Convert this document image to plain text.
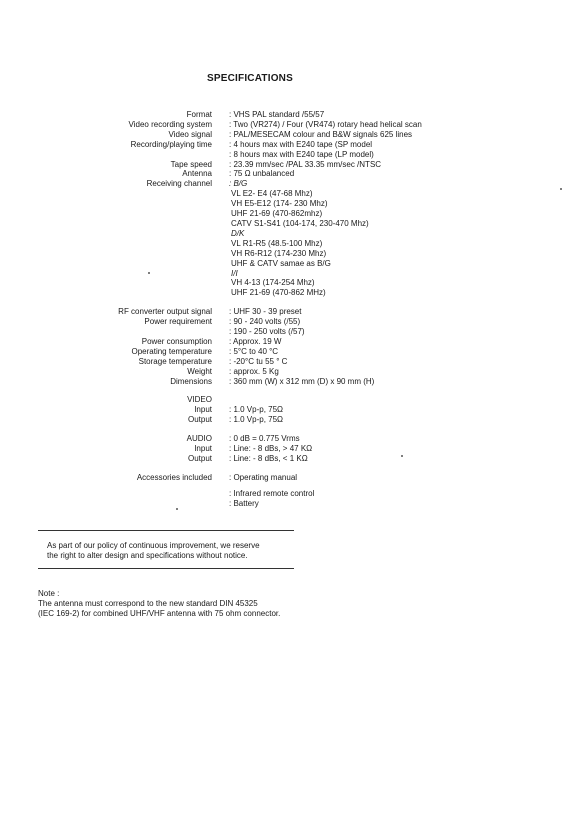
SPECIFICATIONS
Format	: VHS PAL standard /55/57
Video recording system	: Two (VR274) / Four (VR474) rotary head helical scan
Video signal	: PAL/MESECAM colour and B&W signals 625 lines
Recording/playing time	: 4 hours max with E240 tape (SP model
: 8 hours max with E240 tape (LP model)
Tape speed	: 23.39 mm/sec /PAL 33.35 mm/sec /NTSC
Antenna	: 75 Ω unbalanced
Receiving channel	: B/G
VL E2- E4 (47-68 Mhz)
VH E5-E12 (174- 230 Mhz)
UHF 21-69 (470-862mhz)
CATV S1-S41 (104-174, 230-470 Mhz)
D/K
VL R1-R5 (48.5-100 Mhz)
VH R6-R12 (174-230 Mhz)
UHF & CATV samae as B/G
I/I
VH 4-13 (174-254 Mhz)
UHF 21-69 (470-862 MHz)
RF converter output signal	: UHF 30 - 39 preset
Power requirement	: 90 - 240 volts (/55)
: 190 - 250 volts (/57)
Power consumption	: Approx. 19 W
Operating temperature	: 5°C to 40 °C
Storage temperature	: -20°C tu 55 ° C
Weight	: approx. 5 Kg
Dimensions	: 360 mm (W) x 312 mm (D) x 90 mm (H)
VIDEO
Input	: 1.0 Vp-p, 75Ω
Output	: 1.0 Vp-p, 75Ω
AUDIO	: 0 dB = 0.775 Vrms
Input	: Line: - 8 dBs, > 47 KΩ
Output	: Line: - 8 dBs, < 1 KΩ
Accessories included	: Operating manual
: Infrared remote control
: Battery
As part of our policy of continuous improvement, we reserve
the right to alter design and specifications without notice.
Note :
The antenna must correspond to the new standard DIN 45325
(IEC 169-2) for combined UHF/VHF antenna with 75 ohm connector.
